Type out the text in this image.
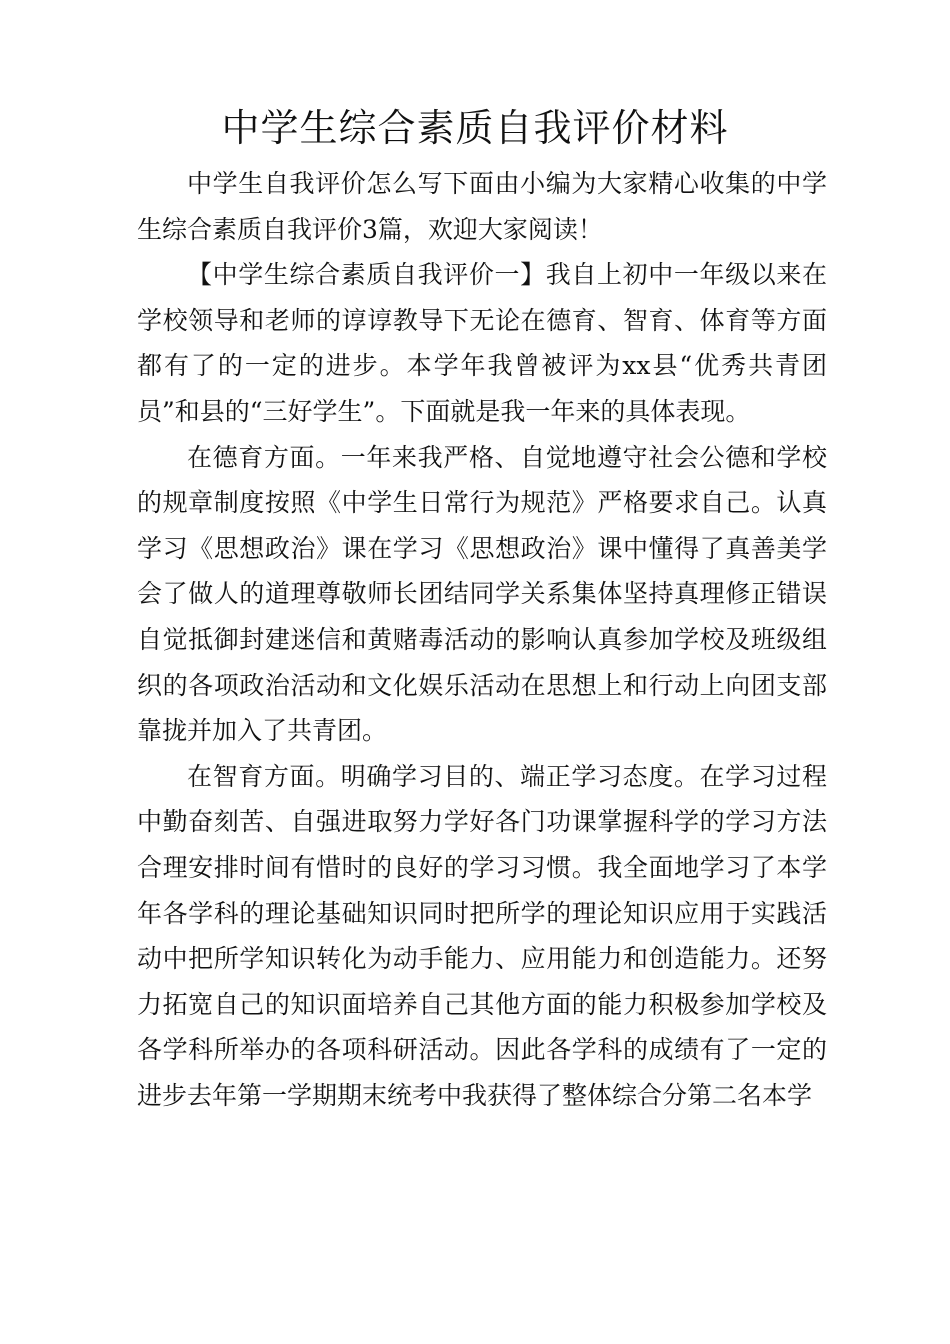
中学生综合素质自我评价材料

中学生自我评价怎么写下面由小编为大家精心收集的中学生综合素质自我评价3篇，欢迎大家阅读！

【中学生综合素质自我评价一】我自上初中一年级以来在学校领导和老师的谆谆教导下无论在德育、智育、体育等方面都有了的一定的进步。本学年我曾被评为xx县“优秀共青团员”和县的“三好学生”。下面就是我一年来的具体表现。

在德育方面。一年来我严格、自觉地遵守社会公德和学校的规章制度按照《中学生日常行为规范》严格要求自己。认真学习《思想政治》课在学习《思想政治》课中懂得了真善美学会了做人的道理尊敬师长团结同学关系集体坚持真理修正错误自觉抵御封建迷信和黄赌毒活动的影响认真参加学校及班级组织的各项政治活动和文化娱乐活动在思想上和行动上向团支部靠拢并加入了共青团。

在智育方面。明确学习目的、端正学习态度。在学习过程中勤奋刻苦、自强进取努力学好各门功课掌握科学的学习方法合理安排时间有惜时的良好的学习习惯。我全面地学习了本学年各学科的理论基础知识同时把所学的理论知识应用于实践活动中把所学知识转化为动手能力、应用能力和创造能力。还努力拓宽自己的知识面培养自己其他方面的能力积极参加学校及各学科所举办的各项科研活动。因此各学科的成绩有了一定的进步去年第一学期期末统考中我获得了整体综合分第二名本学
